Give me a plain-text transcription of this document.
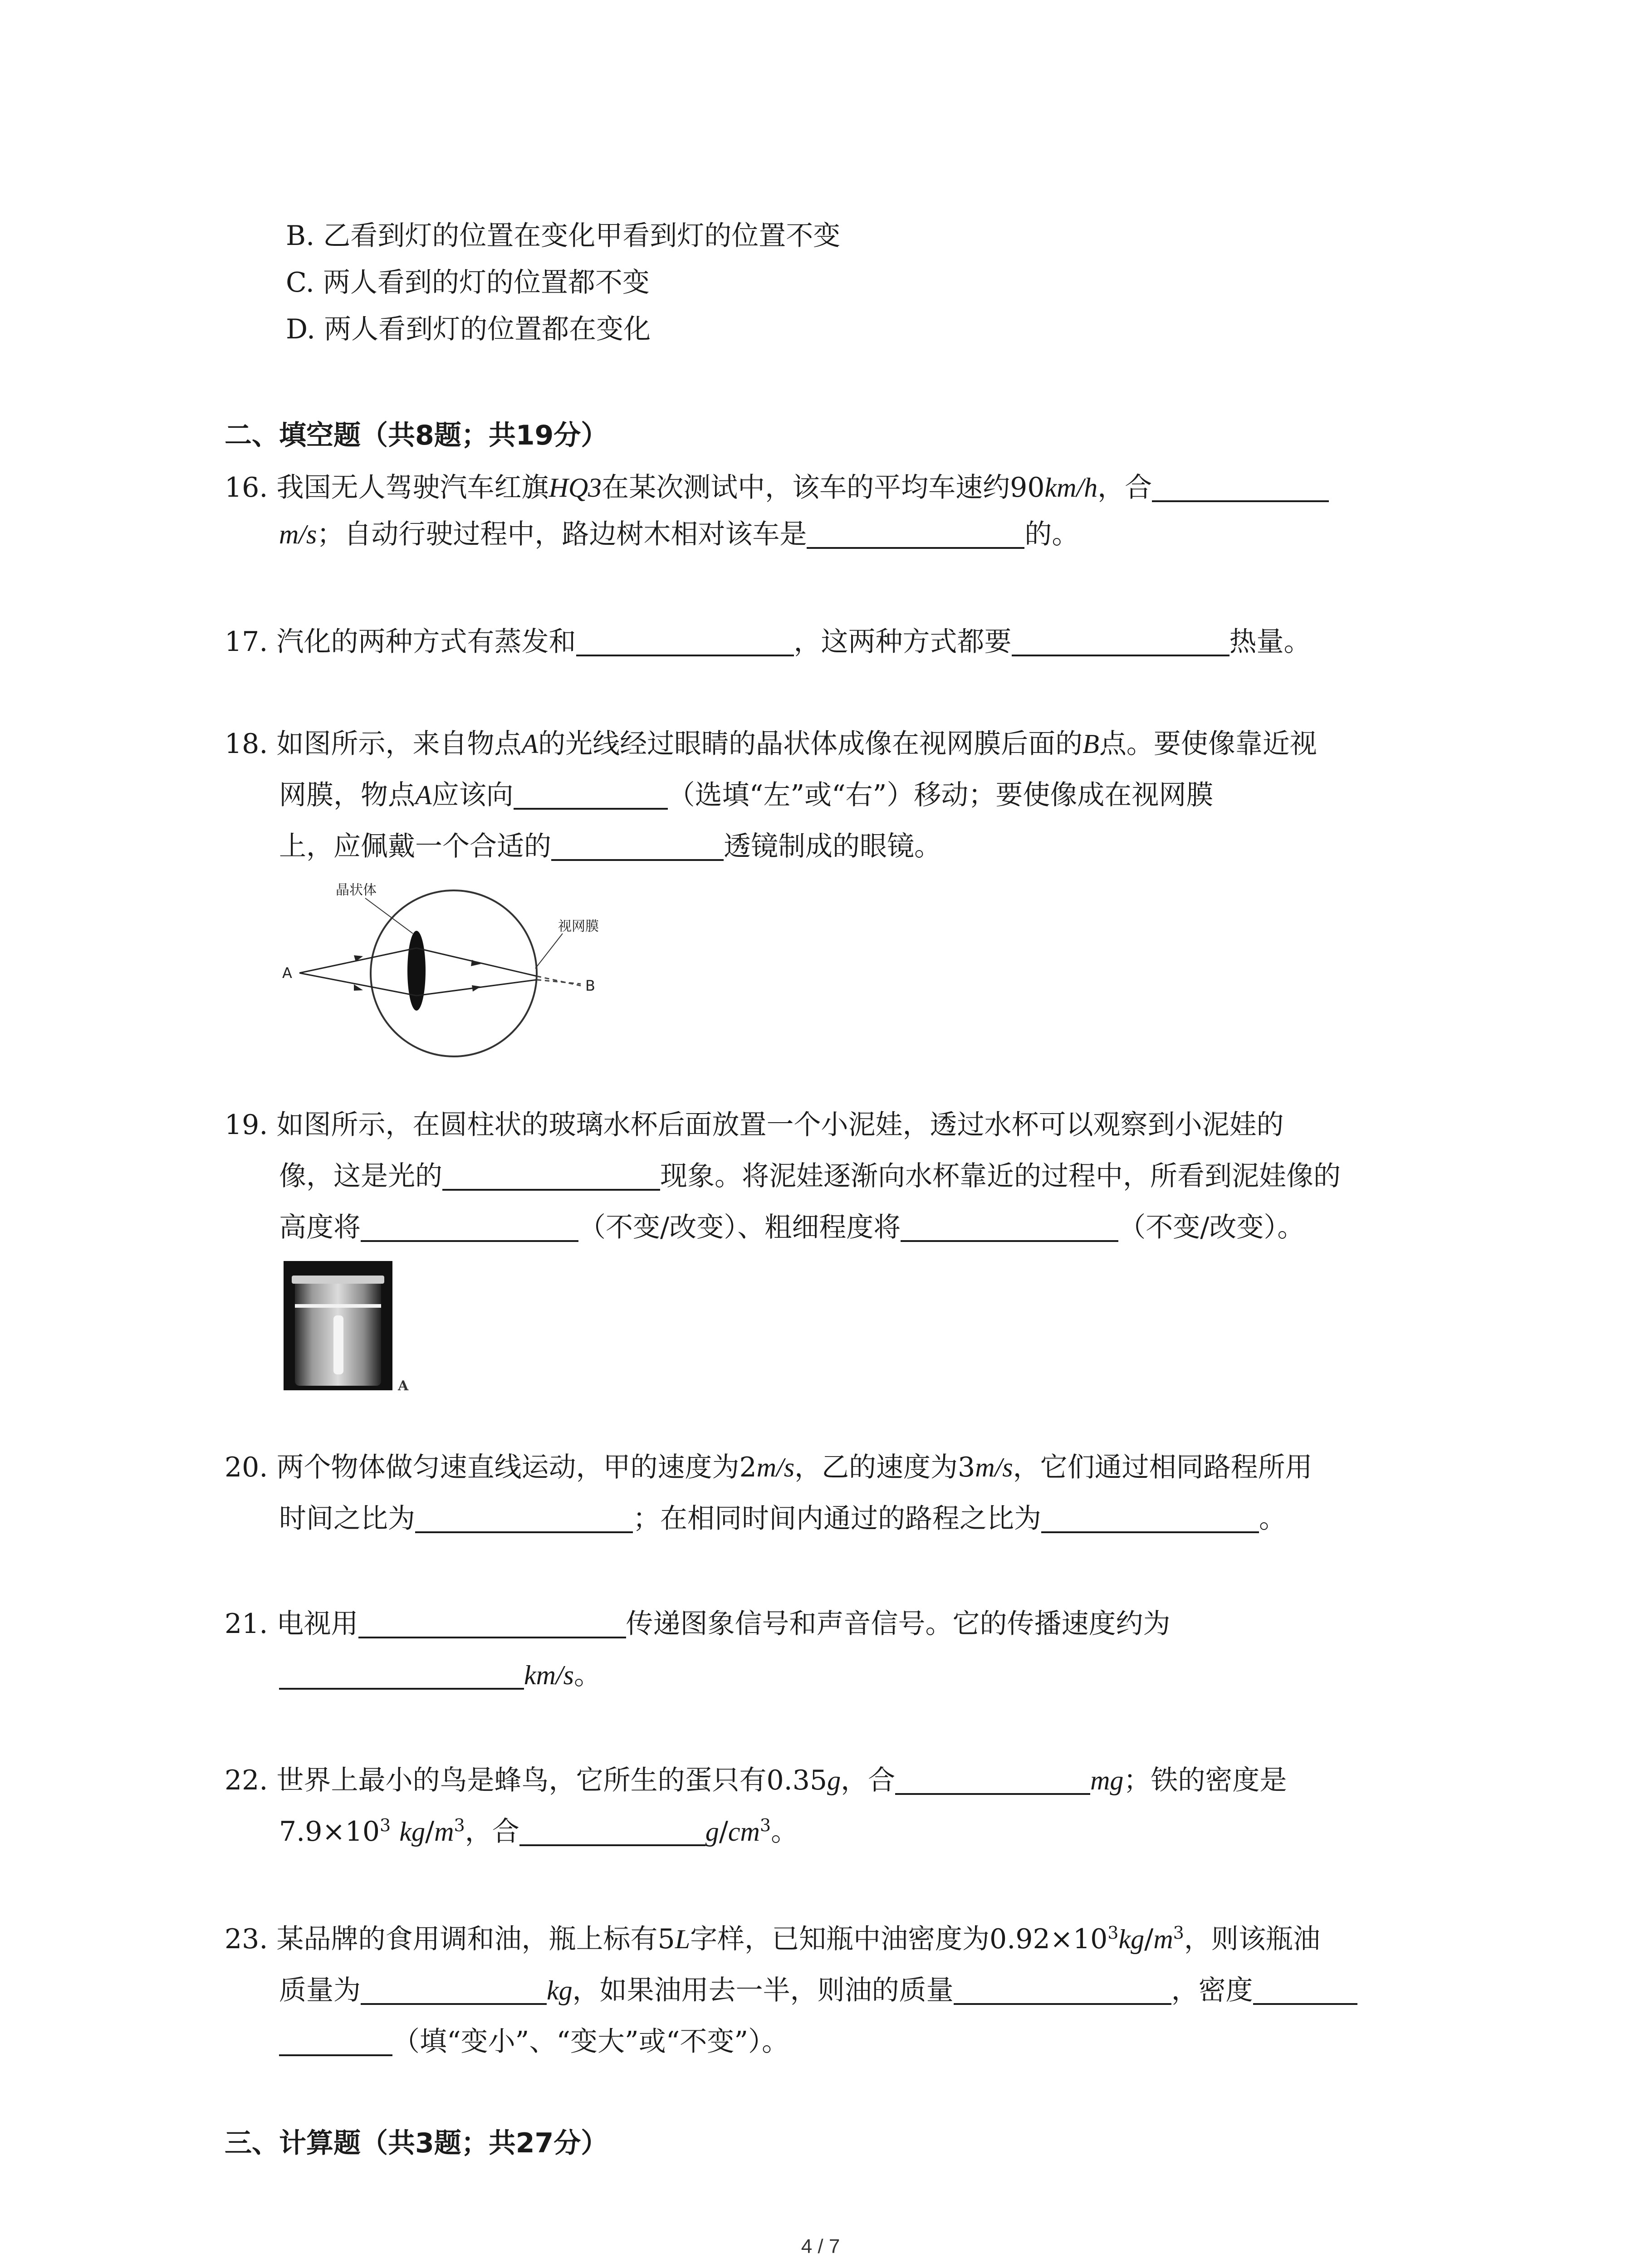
B. 乙看到灯的位置在变化甲看到灯的位置不变
C. 两人看到的灯的位置都不变
D. 两人看到灯的位置都在变化
二、填空题（共8题；共19分）
16. 我国无人驾驶汽车红旗HQ3在某次测试中，该车的平均车速约90km/h，合
m/s；自动行驶过程中，路边树木相对该车是	的。
17. 汽化的两种方式有蒸发和	，这两种方式都要	热量。
18. 如图所示，来自物点A的光线经过眼睛的晶状体成像在视网膜后面的B点。要使像靠近视
网膜，物点A应该向	（选填“左”或“右”）移动；要使像成在视网膜
上，应佩戴一个合适的	透镜制成的眼镜。
晶状体
视网膜
A
B
19. 如图所示，在圆柱状的玻璃水杯后面放置一个小泥娃，透过水杯可以观察到小泥娃的
像，这是光的	现象。将泥娃逐渐向水杯靠近的过程中，所看到泥娃像的
高度将	（不变/改变）、粗细程度将	（不变/改变）。
A
20. 两个物体做匀速直线运动，甲的速度为2m/s，乙的速度为3m/s，它们通过相同路程所用
时间之比为	；在相同时间内通过的路程之比为	。
21. 电视用	传递图象信号和声音信号。它的传播速度约为
km/s。
22. 世界上最小的鸟是蜂鸟，它所生的蛋只有0.35g，合	mg；铁的密度是
$7.9\times 10^3$ $kg/m^3$，合	$g/cm^3$。
23. 某品牌的食用调和油，瓶上标有5L字样，已知瓶中油密度为$0.92\times 10^3kg/m^3$，则该瓶油
质量为	kg，如果油用去一半，则油的质量	，密度
（填“变小”、“变大”或“不变”）。
三、计算题（共3题；共27分）
4 / 7
